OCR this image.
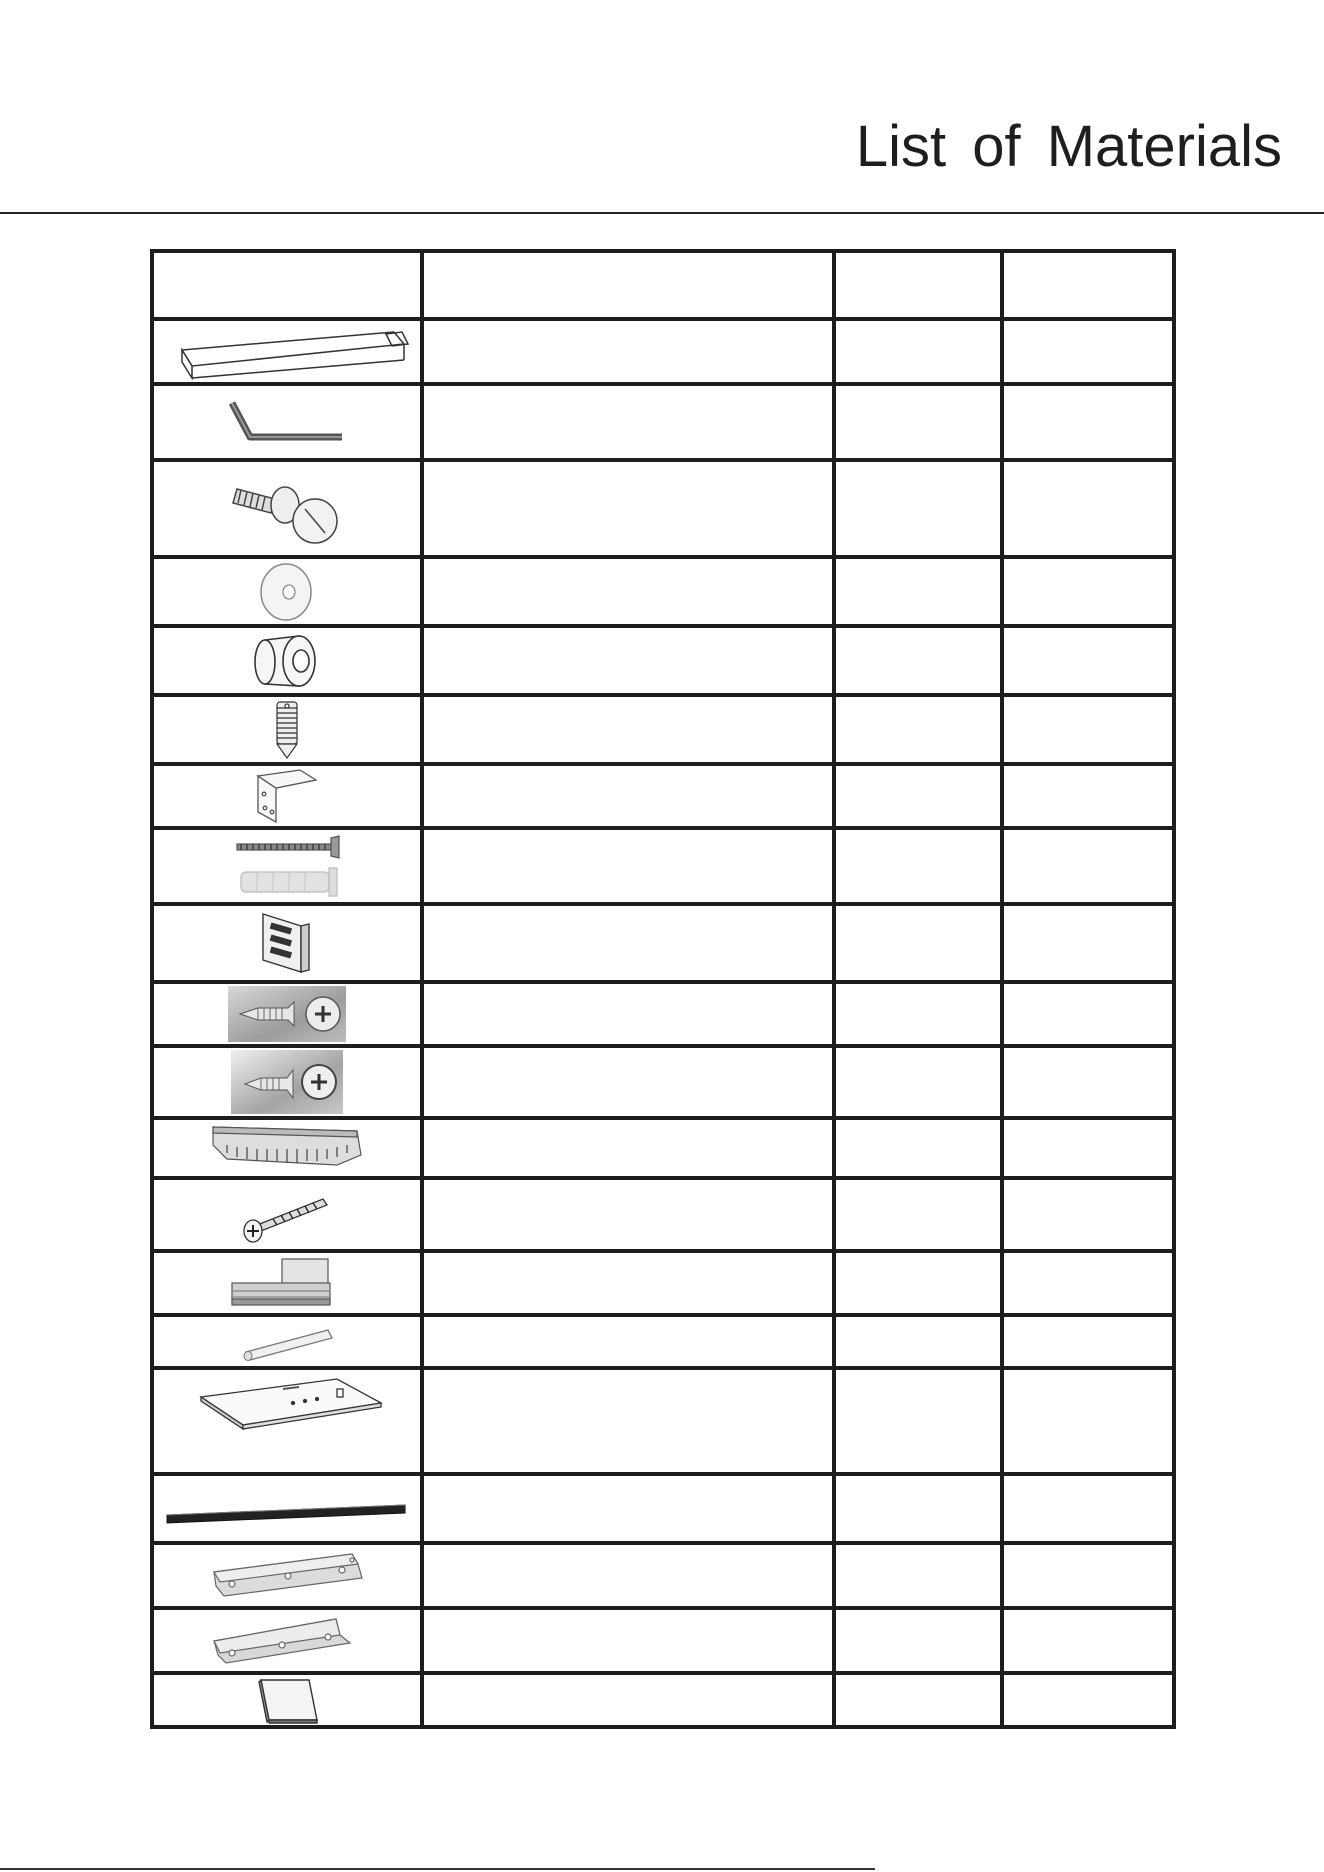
List of Materials
